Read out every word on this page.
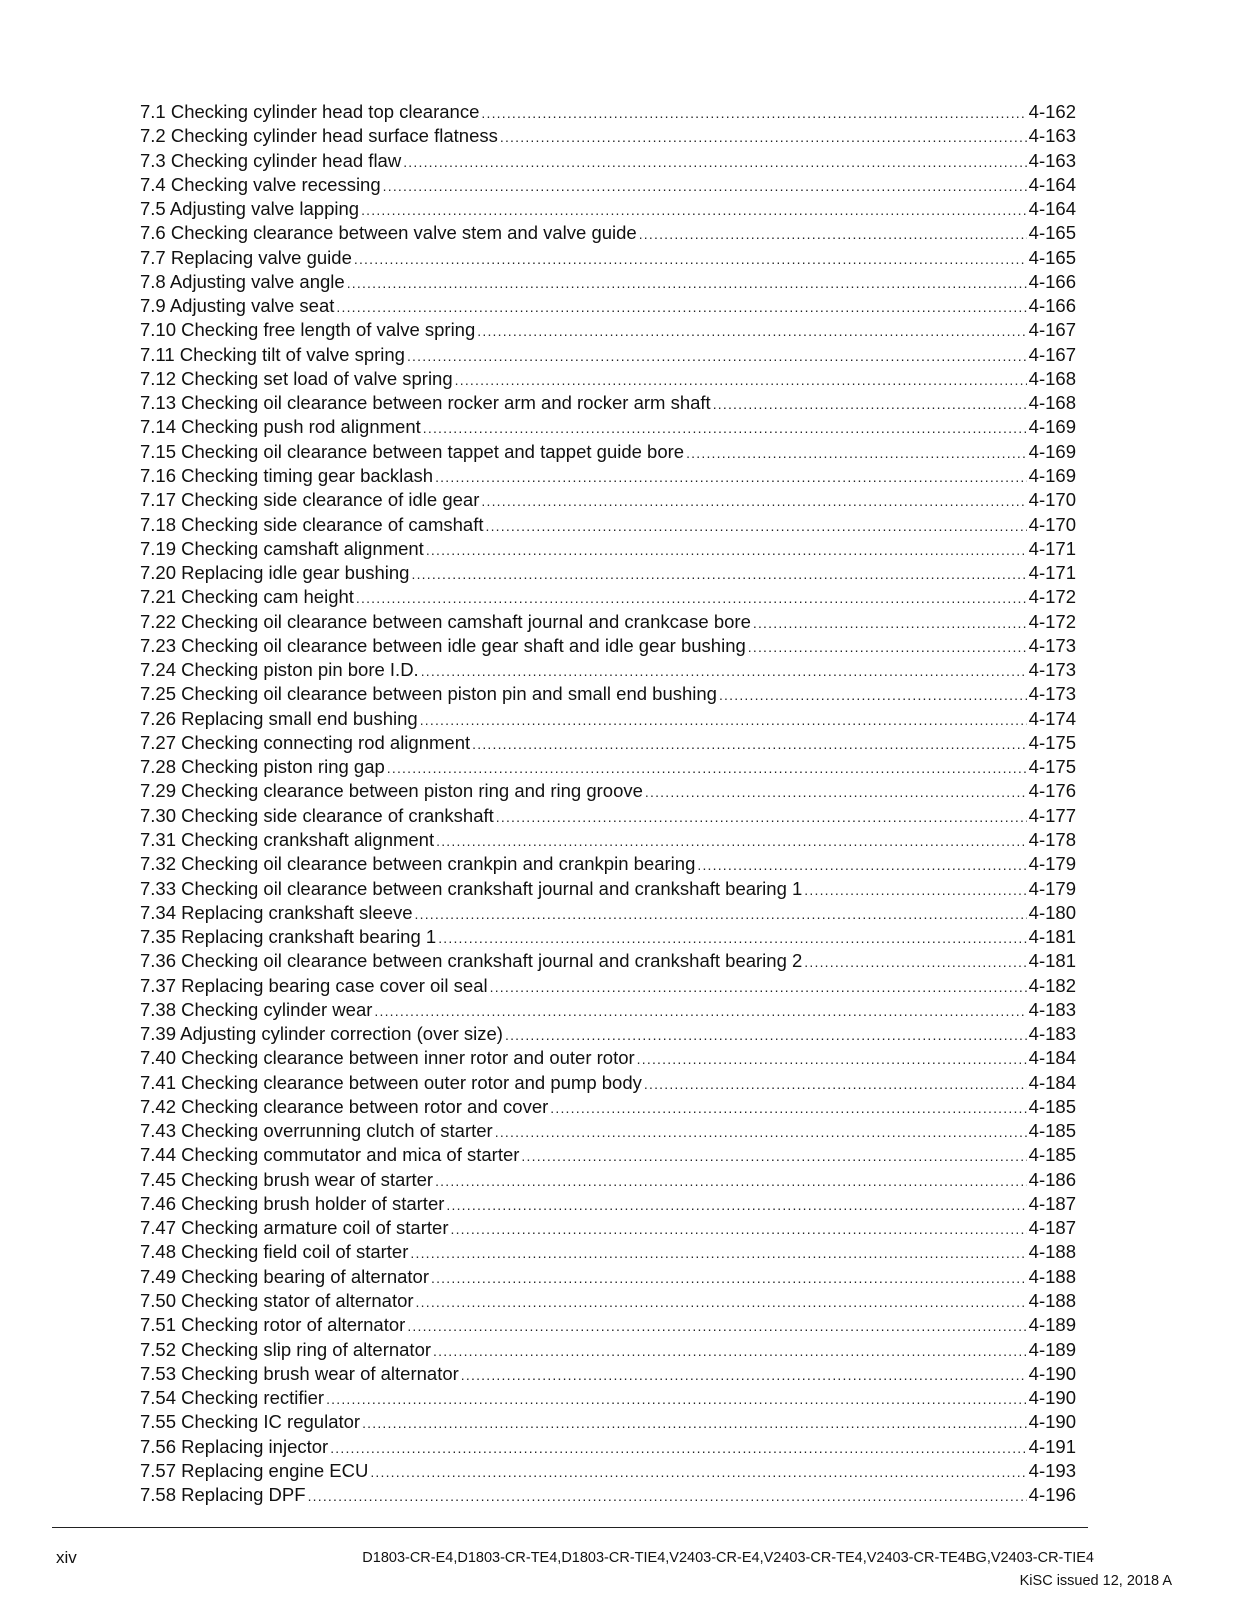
7.1 Checking cylinder head top clearance .....	4-162
7.2 Checking cylinder head surface flatness .....	4-163
7.3 Checking cylinder head flaw .....	4-163
7.4 Checking valve recessing .....	4-164
7.5 Adjusting valve lapping .....	4-164
7.6 Checking clearance between valve stem and valve guide .....	4-165
7.7 Replacing valve guide .....	4-165
7.8 Adjusting valve angle .....	4-166
7.9 Adjusting valve seat .....	4-166
7.10 Checking free length of valve spring .....	4-167
7.11 Checking tilt of valve spring .....	4-167
7.12 Checking set load of valve spring .....	4-168
7.13 Checking oil clearance between rocker arm and rocker arm shaft .....	4-168
7.14 Checking push rod alignment .....	4-169
7.15 Checking oil clearance between tappet and tappet guide bore .....	4-169
7.16 Checking timing gear backlash .....	4-169
7.17 Checking side clearance of idle gear .....	4-170
7.18 Checking side clearance of camshaft .....	4-170
7.19 Checking camshaft alignment .....	4-171
7.20 Replacing idle gear bushing .....	4-171
7.21 Checking cam height .....	4-172
7.22 Checking oil clearance between camshaft journal and crankcase bore .....	4-172
7.23 Checking oil clearance between idle gear shaft and idle gear bushing .....	4-173
7.24 Checking piston pin bore I.D. .....	4-173
7.25 Checking oil clearance between piston pin and small end bushing .....	4-173
7.26 Replacing small end bushing .....	4-174
7.27 Checking connecting rod alignment .....	4-175
7.28 Checking piston ring gap .....	4-175
7.29 Checking clearance between piston ring and ring groove .....	4-176
7.30 Checking side clearance of crankshaft .....	4-177
7.31 Checking crankshaft alignment .....	4-178
7.32 Checking oil clearance between crankpin and crankpin bearing .....	4-179
7.33 Checking oil clearance between crankshaft journal and crankshaft bearing 1 .....	4-179
7.34 Replacing crankshaft sleeve .....	4-180
7.35 Replacing crankshaft bearing 1 .....	4-181
7.36 Checking oil clearance between crankshaft journal and crankshaft bearing 2 .....	4-181
7.37 Replacing bearing case cover oil seal .....	4-182
7.38 Checking cylinder wear .....	4-183
7.39 Adjusting cylinder correction (over size) .....	4-183
7.40 Checking clearance between inner rotor and outer rotor .....	4-184
7.41 Checking clearance between outer rotor and pump body .....	4-184
7.42 Checking clearance between rotor and cover .....	4-185
7.43 Checking overrunning clutch of starter .....	4-185
7.44 Checking commutator and mica of starter .....	4-185
7.45 Checking brush wear of starter .....	4-186
7.46 Checking brush holder of starter .....	4-187
7.47 Checking armature coil of starter .....	4-187
7.48 Checking field coil of starter .....	4-188
7.49 Checking bearing of alternator .....	4-188
7.50 Checking stator of alternator .....	4-188
7.51 Checking rotor of alternator .....	4-189
7.52 Checking slip ring of alternator .....	4-189
7.53 Checking brush wear of alternator .....	4-190
7.54 Checking rectifier .....	4-190
7.55 Checking IC regulator .....	4-190
7.56 Replacing injector .....	4-191
7.57 Replacing engine ECU .....	4-193
7.58 Replacing DPF .....	4-196
xiv	D1803-CR-E4,D1803-CR-TE4,D1803-CR-TIE4,V2403-CR-E4,V2403-CR-TE4,V2403-CR-TE4BG,V2403-CR-TIE4
KiSC issued 12, 2018 A
